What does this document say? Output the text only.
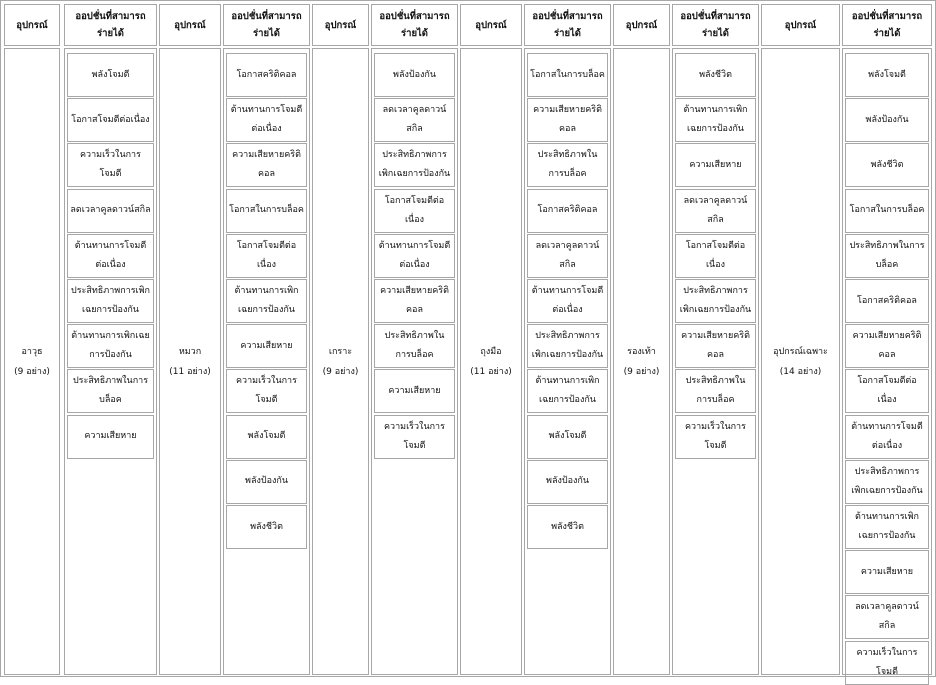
อุปกรณ์
ออปชั่นที่สามารถ
ร่ายได้
อาวุธ
(9 อย่าง)
พลังโจมตี
โอกาสโจมตีต่อเนื่อง
ความเร็วในการโจมตี
ลดเวลาคูลดาวน์สกิล
ต้านทานการโจมตีต่อเนื่อง
ประสิทธิภาพการเพิกเฉยการป้องกัน
ต้านทานการเพิกเฉยการป้องกัน
ประสิทธิภาพในการบล็อค
ความเสียหาย
อุปกรณ์
ออปชั่นที่สามารถ
ร่ายได้
หมวก
(11 อย่าง)
โอกาสคริติคอล
ต้านทานการโจมตีต่อเนื่อง
ความเสียหายคริติคอล
โอกาสในการบล็อค
โอกาสโจมตีต่อเนื่อง
ต้านทานการเพิกเฉยการป้องกัน
ความเสียหาย
ความเร็วในการโจมตี
พลังโจมตี
พลังป้องกัน
พลังชีวิต
อุปกรณ์
ออปชั่นที่สามารถ
ร่ายได้
เกราะ
(9 อย่าง)
พลังป้องกัน
ลดเวลาคูลดาวน์สกิล
ประสิทธิภาพการเพิกเฉยการป้องกัน
โอกาสโจมตีต่อเนื่อง
ต้านทานการโจมตีต่อเนื่อง
ความเสียหายคริติคอล
ประสิทธิภาพในการบล็อค
ความเสียหาย
ความเร็วในการโจมตี
อุปกรณ์
ออปชั่นที่สามารถ
ร่ายได้
ถุงมือ
(11 อย่าง)
โอกาสในการบล็อค
ความเสียหายคริติคอล
ประสิทธิภาพในการบล็อค
โอกาสคริติคอล
ลดเวลาคูลดาวน์สกิล
ต้านทานการโจมตีต่อเนื่อง
ประสิทธิภาพการเพิกเฉยการป้องกัน
ต้านทานการเพิกเฉยการป้องกัน
พลังโจมตี
พลังป้องกัน
พลังชีวิต
อุปกรณ์
ออปชั่นที่สามารถ
ร่ายได้
รองเท้า
(9 อย่าง)
พลังชีวิต
ต้านทานการเพิกเฉยการป้องกัน
ความเสียหาย
ลดเวลาคูลดาวน์สกิล
โอกาสโจมตีต่อเนื่อง
ประสิทธิภาพการเพิกเฉยการป้องกัน
ความเสียหายคริติคอล
ประสิทธิภาพในการบล็อค
ความเร็วในการโจมตี
อุปกรณ์
ออปชั่นที่สามารถ
ร่ายได้
อุปกรณ์เฉพาะ
(14 อย่าง)
พลังโจมตี
พลังป้องกัน
พลังชีวิต
โอกาสในการบล็อค
ประสิทธิภาพในการบล็อค
โอกาสคริติคอล
ความเสียหายคริติคอล
โอกาสโจมตีต่อเนื่อง
ต้านทานการโจมตีต่อเนื่อง
ประสิทธิภาพการเพิกเฉยการป้องกัน
ต้านทานการเพิกเฉยการป้องกัน
ความเสียหาย
ลดเวลาคูลดาวน์สกิล
ความเร็วในการโจมตี
